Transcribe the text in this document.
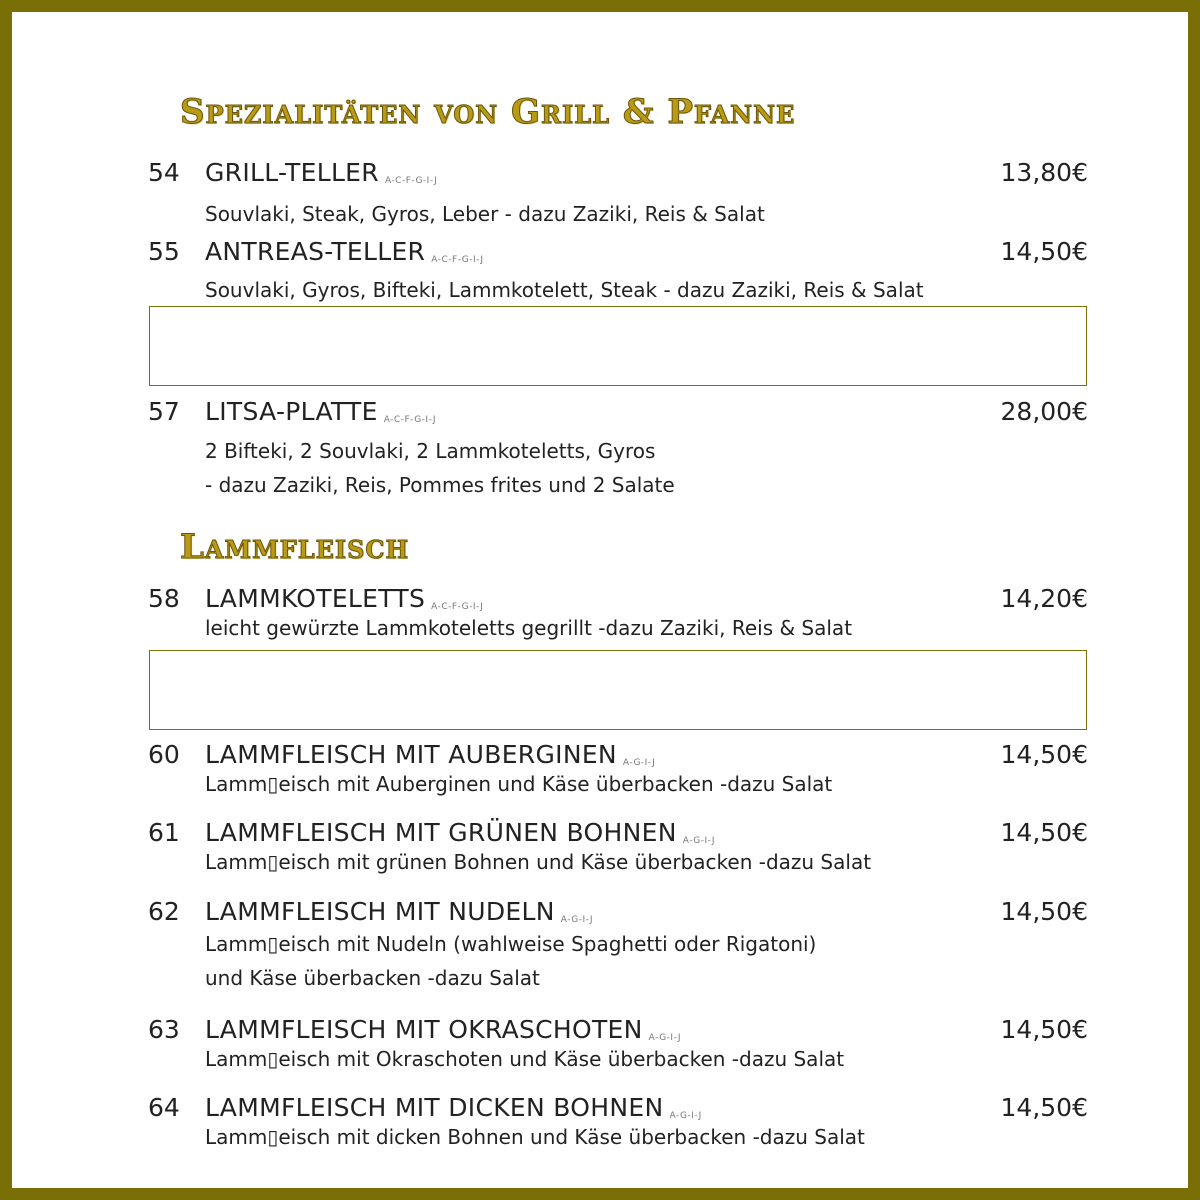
Spezialitäten von Grill & Pfanne
54 GRILL-TELLER A-C-F-G-I-J	13,80€
Souvlaki, Steak, Gyros, Leber - dazu Zaziki, Reis & Salat
55 ANTREAS-TELLER A-C-F-G-I-J	14,50€
Souvlaki, Gyros, Bifteki, Lammkotelett, Steak - dazu Zaziki, Reis & Salat
57 LITSA-PLATTE A-C-F-G-I-J	28,00€
2 Bifteki, 2 Souvlaki, 2 Lammkoteletts, Gyros
- dazu Zaziki, Reis, Pommes frites und 2 Salate
Lammfleisch
58 LAMMKOTELETTS A-C-F-G-I-J	14,20€
leicht gewürzte Lammkoteletts gegrillt -dazu Zaziki, Reis & Salat
60 LAMMFLEISCH MIT AUBERGINEN A-G-I-J	14,50€
Lamm▯eisch mit Auberginen und Käse überbacken -dazu Salat
61 LAMMFLEISCH MIT GRÜNEN BOHNEN A-G-I-J	14,50€
Lamm▯eisch mit grünen Bohnen und Käse überbacken -dazu Salat
62 LAMMFLEISCH MIT NUDELN A-G-I-J	14,50€
Lamm▯eisch mit Nudeln (wahlweise Spaghetti oder Rigatoni)
und Käse überbacken -dazu Salat
63 LAMMFLEISCH MIT OKRASCHOTEN A-G-I-J	14,50€
Lamm▯eisch mit Okraschoten und Käse überbacken -dazu Salat
64 LAMMFLEISCH MIT DICKEN BOHNEN A-G-I-J	14,50€
Lamm▯eisch mit dicken Bohnen und Käse überbacken -dazu Salat
